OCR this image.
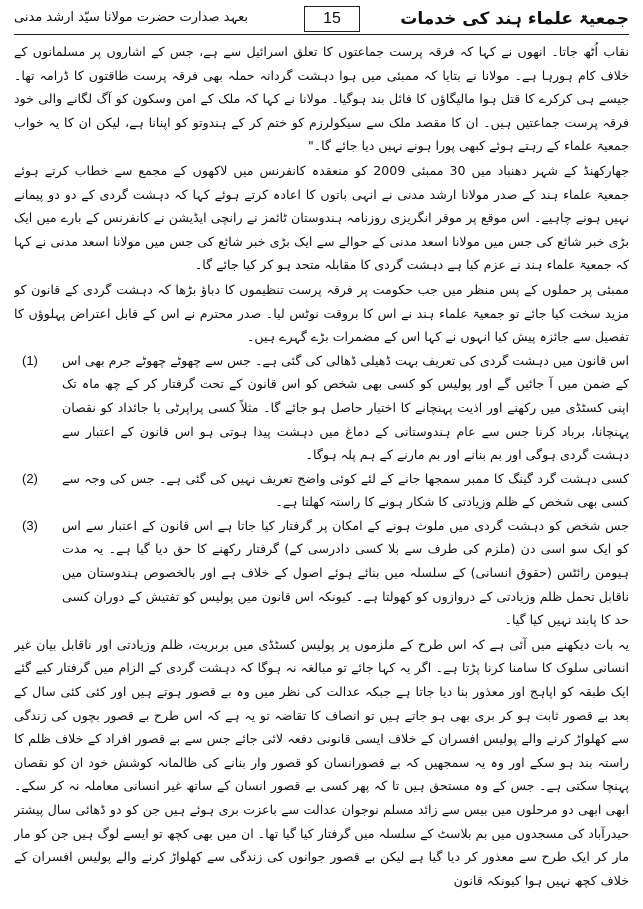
جمعیۃ علماء ہند کی خدمات
15
بعہد صدارت حضرت مولانا سیّد ارشد مدنی

نقاب اُٹھ جاتا۔ انھوں نے کہا کہ فرقہ پرست جماعتوں کا تعلق اسرائیل سے ہے، جس کے اشاروں پر مسلمانوں کے خلاف کام ہورہا ہے۔ مولانا نے بتایا کہ ممبئی میں ہوا دہشت گردانہ حملہ بھی فرقہ پرست طاقتوں کا ڈرامہ تھا۔ جیسے ہی کرکرے کا قتل ہوا مالیگاؤں کا فائل بند ہوگیا۔ مولانا نے کہا کہ ملک کے امن وسکون کو آگ لگانے والی خود فرقہ پرست جماعتیں ہیں۔ ان کا مقصد ملک سے سیکولرزم کو ختم کر کے ہندوتو کو اپنانا ہے، لیکن ان کا یہ خواب جمعیۃ علماء کے رہتے ہوئے کبھی پورا ہونے نہیں دیا جائے گا۔"

جھارکھنڈ کے شہر دھنباد میں 30 ممبئی 2009 کو منعقدہ کانفرنس میں لاکھوں کے مجمع سے خطاب کرتے ہوئے جمعیۃ علماء ہند کے صدر مولانا ارشد مدنی نے انہی باتوں کا اعادہ کرتے ہوئے کہا کہ دہشت گردی کے دو دو پیمانے نہیں ہونے چاہیے۔ اس موقع پر موقر انگریزی روزنامہ ہندوستان ٹائمز نے رانچی ایڈیشن نے کانفرنس کے بارے میں ایک بڑی خبر شائع کی جس میں مولانا اسعد مدنی کے حوالے سے ایک بڑی خبر شائع کی جس میں مولانا اسعد مدنی نے کہا کہ جمعیۃ علماء ہند نے عزم کیا ہے دہشت گردی کا مقابلہ متحد ہو کر کیا جائے گا۔

ممبئی پر حملوں کے پس منظر میں جب حکومت پر فرقہ پرست تنظیموں کا دباؤ بڑھا کہ دہشت گردی کے قانون کو مزید سخت کیا جائے تو جمعیۃ علماء ہند نے اس کا بروقت نوٹس لیا۔ صدر محترم نے اس کے قابل اعتراض پہلوؤں کا تفصیل سے جائزہ پیش کیا انہوں نے کہا اس کے مضمرات بڑے گہرے ہیں۔

(1) اس قانون میں دہشت گردی کی تعریف بہت ڈھیلی ڈھالی کی گئی ہے۔ جس سے چھوٹے چھوٹے جرم بھی اس کے ضمن میں آ جائیں گے اور پولیس کو کسی بھی شخص کو اس قانون کے تحت گرفتار کر کے چھ ماہ تک اپنی کسٹڈی میں رکھنے اور اذیت پہنچانے کا اختیار حاصل ہو جائے گا۔ مثلاً کسی پراپرٹی یا جائداد کو نقصان پہنچانا، برباد کرنا جس سے عام ہندوستانی کے دماغ میں دہشت پیدا ہوتی ہو اس قانون کے اعتبار سے دہشت گردی ہوگی اور بم بنانے اور بم مارنے کے ہم پلہ ہوگا۔
(2) کسی دہشت گرد گینگ کا ممبر سمجھا جانے کے لئے کوئی واضح تعریف نہیں کی گئی ہے۔ جس کی وجہ سے کسی بھی شخص کے ظلم وزیادتی کا شکار ہونے کا راستہ کھلتا ہے۔
(3) جس شخص کو دہشت گردی میں ملوث ہونے کے امکان پر گرفتار کیا جاتا ہے اس قانون کے اعتبار سے اس کو ایک سو اسی دن (ملزم کی طرف سے بلا کسی دادرسی کے) گرفتار رکھنے کا حق دیا گیا ہے۔ یہ مدت ہیومن رائٹس (حقوق انسانی) کے سلسلہ میں بنائے ہوئے اصول کے خلاف ہے اور بالخصوص ہندوستان میں ناقابل تحمل ظلم وزیادتی کے دروازوں کو کھولتا ہے۔ کیونکہ اس قانون میں پولیس کو تفتیش کے دوران کسی حد کا پابند نہیں کیا گیا۔

یہ بات دیکھنے میں آئی ہے کہ اس طرح کے ملزموں پر پولیس کسٹڈی میں بربریت، ظلم وزیادتی اور ناقابل بیان غیر انسانی سلوک کا سامنا کرنا پڑتا ہے۔ اگر یہ کہا جائے تو مبالغہ نہ ہوگا کہ دہشت گردی کے الزام میں گرفتار کیے گئے ایک طبقہ کو اپاہج اور معذور بنا دیا جاتا ہے جبکہ عدالت کی نظر میں وہ بے قصور ہوتے ہیں اور کئی کئی سال کے بعد بے قصور ثابت ہو کر بری بھی ہو جاتے ہیں تو انصاف کا تقاضہ تو یہ ہے کہ اس طرح بے قصور بچوں کی زندگی سے کھلواڑ کرنے والے پولیس افسران کے خلاف ایسی قانونی دفعہ لائی جائے جس سے بے قصور افراد کے خلاف ظلم کا راستہ بند ہو سکے اور وہ یہ سمجھیں کہ بے قصورانسان کو قصور وار بنانے کی ظالمانہ کوشش خود ان کو نقصان پہنچا سکتی ہے۔ جس کے وہ مستحق ہیں تا کہ پھر کسی بے قصور انسان کے ساتھ غیر انسانی معاملہ نہ کر سکے۔ ابھی ابھی دو مرحلوں میں بیس سے زائد مسلم نوجوان عدالت سے باعزت بری ہوئے ہیں جن کو دو ڈھائی سال پیشتر حیدرآباد کی مسجدوں میں بم بلاسٹ کے سلسلہ میں گرفتار کیا گیا تھا۔ ان میں بھی کچھ تو ایسے لوگ ہیں جن کو مار مار کر ایک طرح سے معذور کر دیا گیا ہے لیکن بے قصور جوانوں کی زندگی سے کھلواڑ کرنے والے پولیس افسران کے خلاف کچھ نہیں ہوا کیونکہ قانون
